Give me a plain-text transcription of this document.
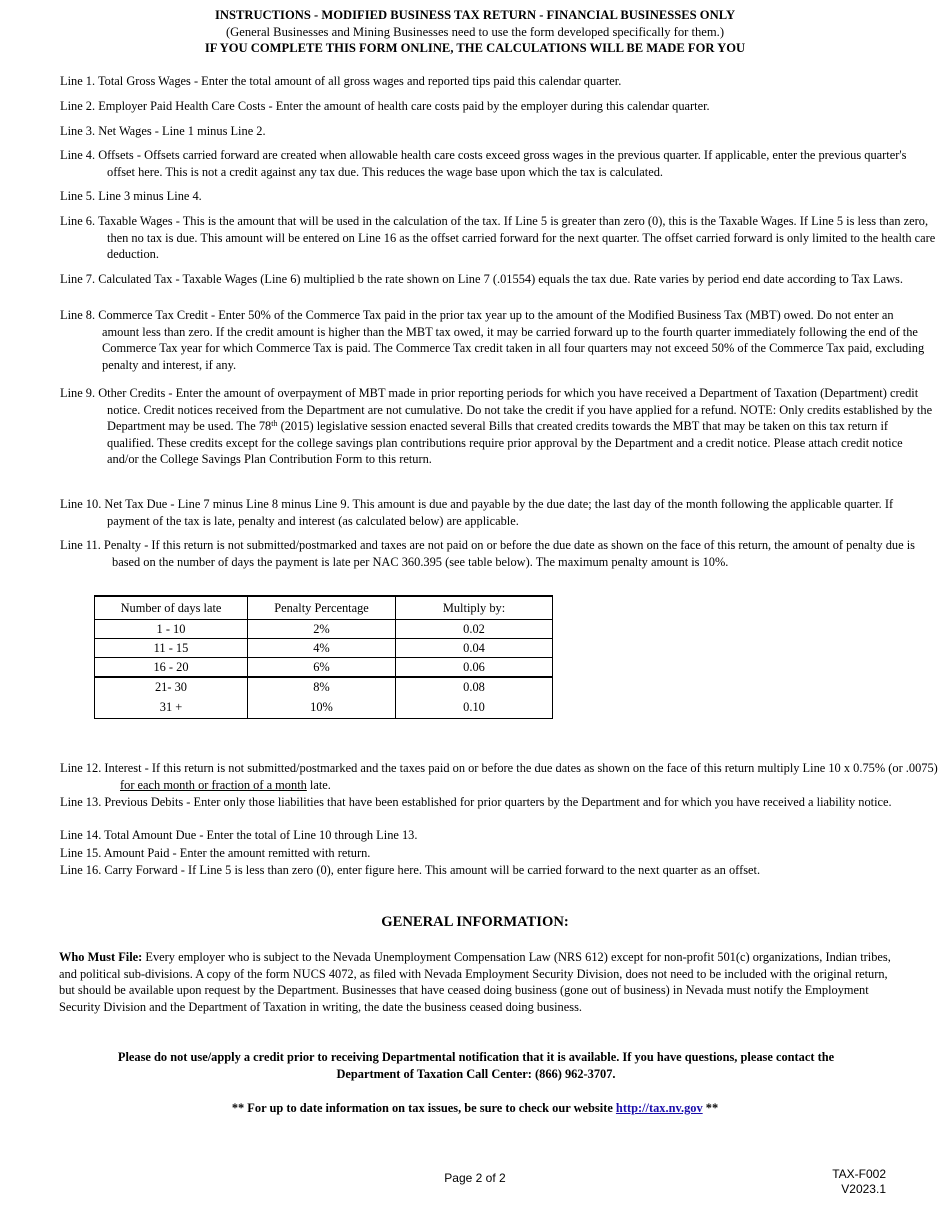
INSTRUCTIONS - MODIFIED BUSINESS TAX RETURN - FINANCIAL BUSINESSES ONLY
(General Businesses and Mining Businesses need to use the form developed specifically for them.)
IF YOU COMPLETE THIS FORM ONLINE, THE CALCULATIONS WILL BE MADE FOR YOU
Line 1. Total Gross Wages - Enter the total amount of all gross wages and reported tips paid this calendar quarter.
Line 2. Employer Paid Health Care Costs - Enter the amount of health care costs paid by the employer during this calendar quarter.
Line 3. Net Wages - Line 1 minus Line 2.
Line 4. Offsets - Offsets carried forward are created when allowable health care costs exceed gross wages in the previous quarter. If applicable, enter the previous quarter's offset here. This is not a credit against any tax due. This reduces the wage base upon which the tax is calculated.
Line 5. Line 3 minus Line 4.
Line 6. Taxable Wages - This is the amount that will be used in the calculation of the tax. If Line 5 is greater than zero (0), this is the Taxable Wages. If Line 5 is less than zero, then no tax is due. This amount will be entered on Line 16 as the offset carried forward for the next quarter. The offset carried forward is only limited to the health care deduction.
Line 7. Calculated Tax - Taxable Wages (Line 6) multiplied b the rate shown on Line 7 (.01554) equals the tax due. Rate varies by period end date according to Tax Laws.
Line 8. Commerce Tax Credit - Enter 50% of the Commerce Tax paid in the prior tax year up to the amount of the Modified Business Tax (MBT) owed. Do not enter an amount less than zero. If the credit amount is higher than the MBT tax owed, it may be carried forward up to the fourth quarter immediately following the end of the Commerce Tax year for which Commerce Tax is paid. The Commerce Tax credit taken in all four quarters may not exceed 50% of the Commerce Tax paid, excluding penalty and interest, if any.
Line 9. Other Credits - Enter the amount of overpayment of MBT made in prior reporting periods for which you have received a Department of Taxation (Department) credit notice. Credit notices received from the Department are not cumulative. Do not take the credit if you have applied for a refund. NOTE: Only credits established by the Department may be used. The 78th (2015) legislative session enacted several Bills that created credits towards the MBT that may be taken on this tax return if qualified. These credits except for the college savings plan contributions require prior approval by the Department and a credit notice. Please attach credit notice and/or the College Savings Plan Contribution Form to this return.
Line 10. Net Tax Due - Line 7 minus Line 8 minus Line 9. This amount is due and payable by the due date; the last day of the month following the applicable quarter. If payment of the tax is late, penalty and interest (as calculated below) are applicable.
Line 11. Penalty - If this return is not submitted/postmarked and taxes are not paid on or before the due date as shown on the face of this return, the amount of penalty due is based on the number of days the payment is late per NAC 360.395 (see table below). The maximum penalty amount is 10%.
Number of days late	Penalty Percentage	Multiply by:
1 - 10	2%	0.02
11 - 15	4%	0.04
16 - 20	6%	0.06
21- 30	8%	0.08
31 +	10%	0.10
Line 12. Interest - If this return is not submitted/postmarked and the taxes paid on or before the due dates as shown on the face of this return multiply Line 10 x 0.75% (or .0075) for each month or fraction of a month late.
Line 13. Previous Debits - Enter only those liabilities that have been established for prior quarters by the Department and for which you have received a liability notice.
Line 14. Total Amount Due - Enter the total of Line 10 through Line 13.
Line 15. Amount Paid - Enter the amount remitted with return.
Line 16. Carry Forward - If Line 5 is less than zero (0), enter figure here. This amount will be carried forward to the next quarter as an offset.
GENERAL INFORMATION:
Who Must File: Every employer who is subject to the Nevada Unemployment Compensation Law (NRS 612) except for non-profit 501(c) organizations, Indian tribes, and political sub-divisions. A copy of the form NUCS 4072, as filed with Nevada Employment Security Division, does not need to be included with the original return, but should be available upon request by the Department. Businesses that have ceased doing business (gone out of business) in Nevada must notify the Employment Security Division and the Department of Taxation in writing, the date the business ceased doing business.
Please do not use/apply a credit prior to receiving Departmental notification that it is available. If you have questions, please contact the
Department of Taxation Call Center: (866) 962-3707.
** For up to date information on tax issues, be sure to check our website http://tax.nv.gov **
Page 2 of 2	TAX-F002
V2023.1
